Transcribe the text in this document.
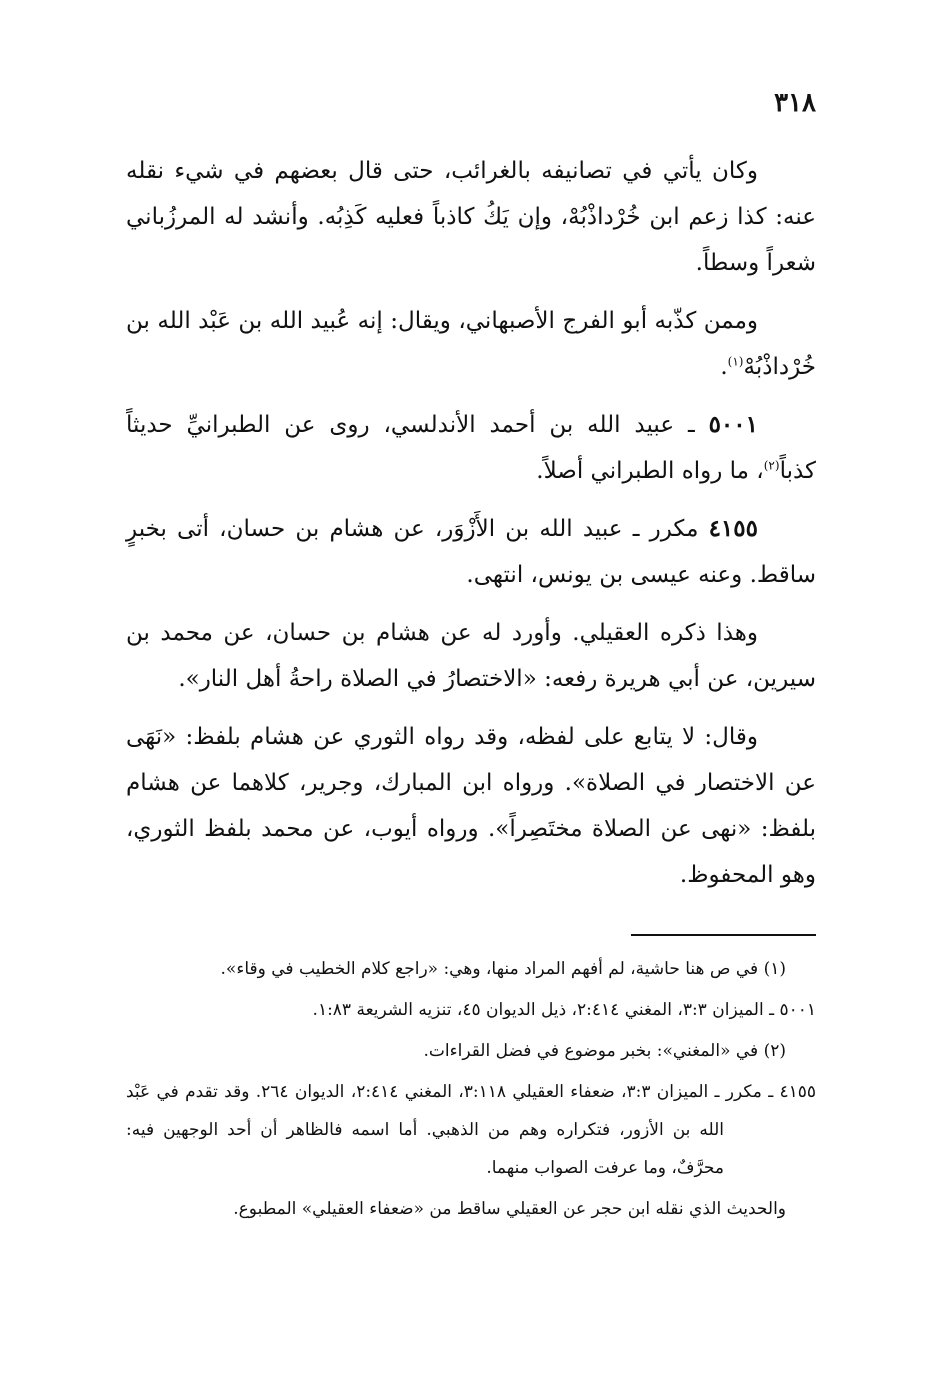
٣١٨

وكان يأتي في تصانيفه بالغرائب، حتى قال بعضهم في شيء نقله عنه: كذا زعم ابن خُرْداذْبُهْ، وإن يَكُ كاذباً فعليه كَذِبُه. وأنشد له المرزُباني شعراً وسطاً.

وممن كذّبه أبو الفرج الأصبهاني، ويقال: إنه عُبيد الله بن عَبْد الله بن خُرْداذْبُهْ$^{(١)}$.

٥٠٠١ ـ عبيد الله بن أحمد الأندلسي، روى عن الطبرانيِّ حديثاً كذباً$^{(٢)}$، ما رواه الطبراني أصلاً.

٤١٥٥ مكرر ـ عبيد الله بن الأَزْوَر، عن هشام بن حسان، أتى بخبرٍ ساقط. وعنه عيسى بن يونس، انتهى.

وهذا ذكره العقيلي. وأورد له عن هشام بن حسان، عن محمد بن سيرين، عن أبي هريرة رفعه: «الاختصارُ في الصلاة راحةُ أهل النار».

وقال: لا يتابع على لفظه، وقد رواه الثوري عن هشام بلفظ: «نَهَى عن الاختصار في الصلاة». ورواه ابن المبارك، وجرير، كلاهما عن هشام بلفظ: «نهى عن الصلاة مختَصِراً». ورواه أيوب، عن محمد بلفظ الثوري، وهو المحفوظ.

(١) في ص هنا حاشية، لم أفهم المراد منها، وهي: «راجع كلام الخطيب في وقاء».

٥٠٠١ ـ الميزان ٣:٣، المغني ٢:٤١٤، ذيل الديوان ٤٥، تنزيه الشريعة ١:٨٣.

(٢) في «المغني»: بخبر موضوع في فضل القراءات.

٤١٥٥ ـ مكرر ـ الميزان ٣:٣، ضعفاء العقيلي ٣:١١٨، المغني ٢:٤١٤، الديوان ٢٦٤. وقد تقدم في عَبْد الله بن الأزور، فتكراره وهم من الذهبي. أما اسمه فالظاهر أن أحد الوجهين فيه: محرَّفٌ، وما عرفت الصواب منهما.

والحديث الذي نقله ابن حجر عن العقيلي ساقط من «ضعفاء العقيلي» المطبوع.
